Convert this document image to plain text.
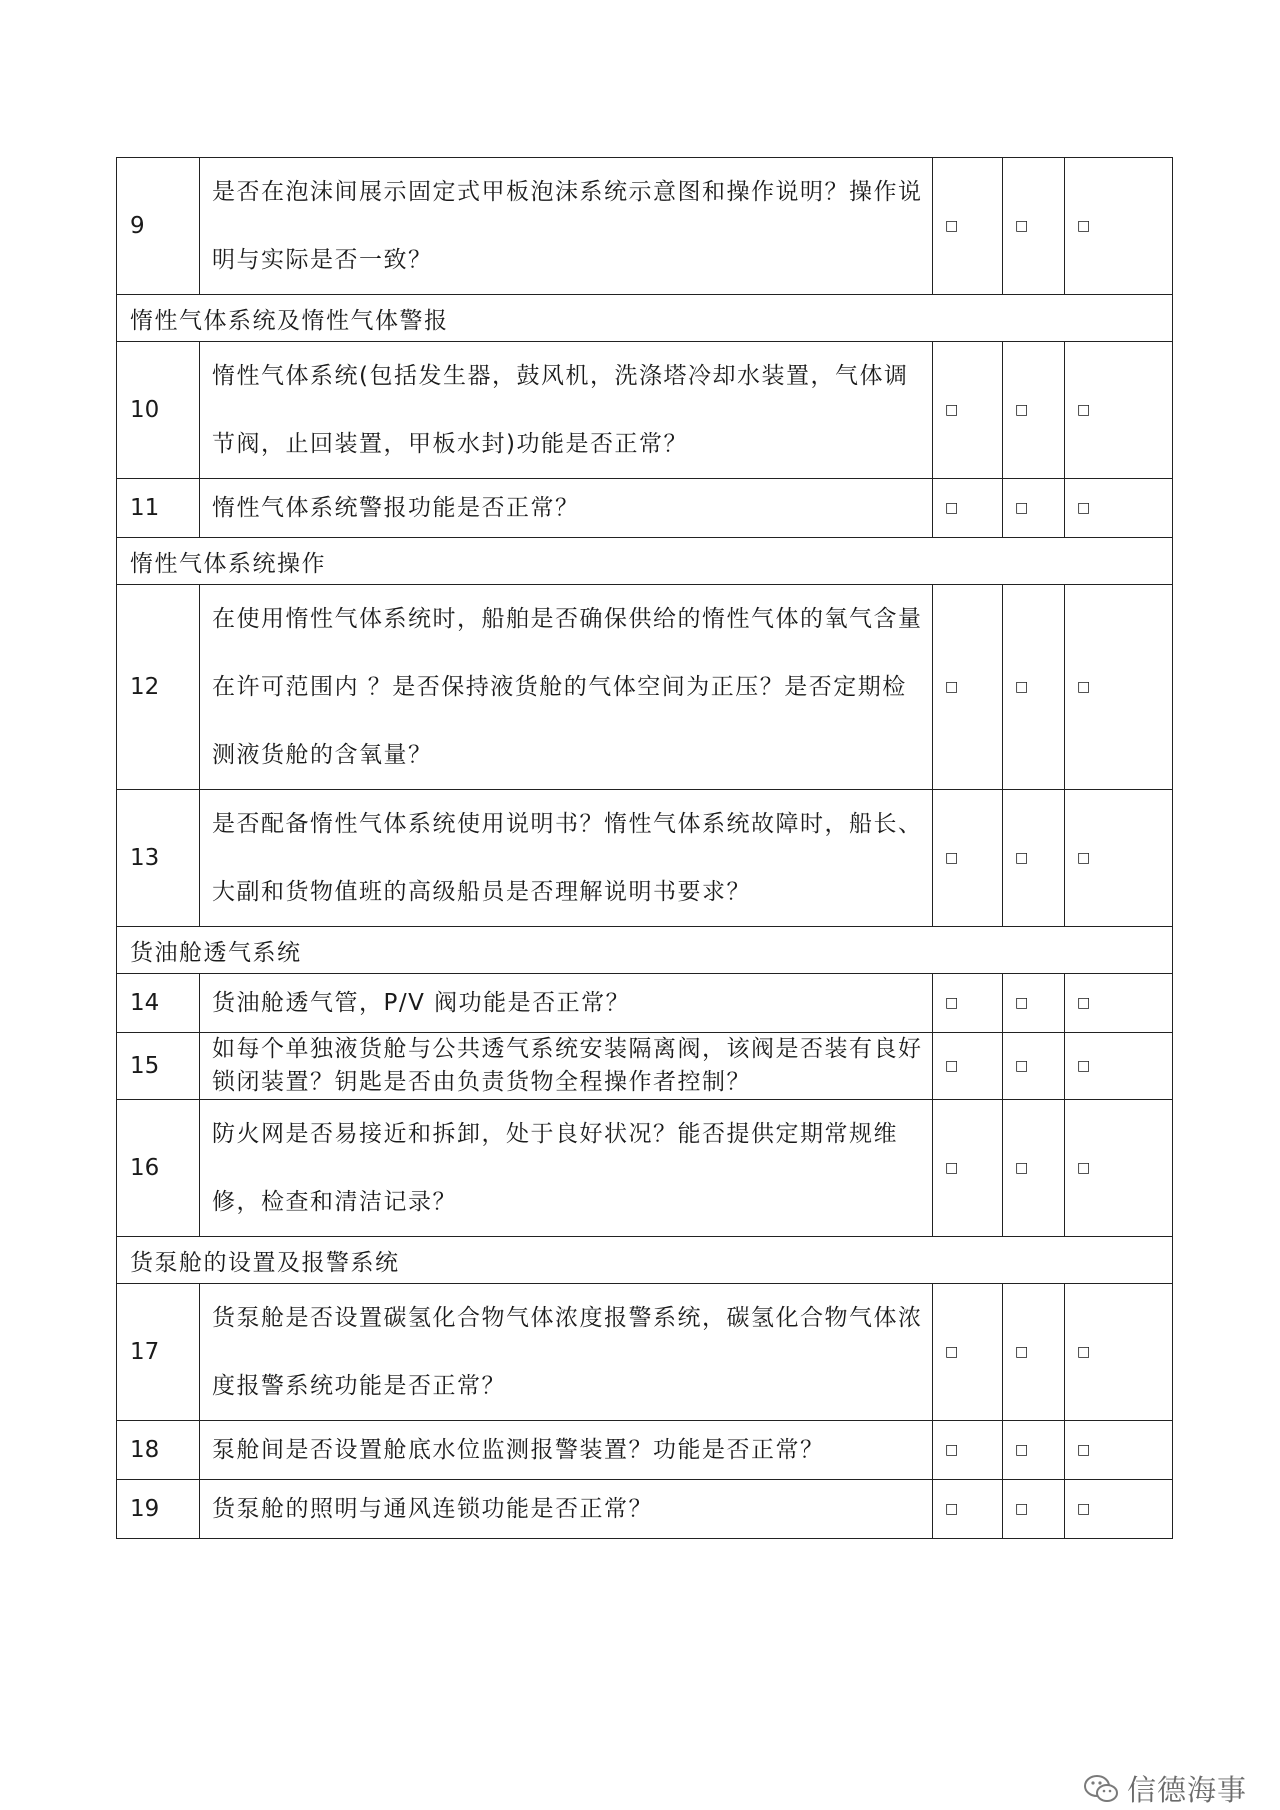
9	是否在泡沫间展示固定式甲板泡沫系统示意图和操作说明？操作说明与实际是否一致？	□	□	□
惰性气体系统及惰性气体警报				
10	惰性气体系统(包括发生器，鼓风机，洗涤塔冷却水装置，气体调节阀，止回装置，甲板水封)功能是否正常？	□	□	□
11	惰性气体系统警报功能是否正常？	□	□	□
惰性气体系统操作				
12	在使用惰性气体系统时，船舶是否确保供给的惰性气体的氧气含量在许可范围内 ？是否保持液货舱的气体空间为正压？是否定期检测液货舱的含氧量？	□	□	□
13	是否配备惰性气体系统使用说明书？惰性气体系统故障时，船长、大副和货物值班的高级船员是否理解说明书要求？	□	□	□
货油舱透气系统				
14	货油舱透气管，P/V 阀功能是否正常？	□	□	□
15	如每个单独液货舱与公共透气系统安装隔离阀，该阀是否装有良好锁闭装置？钥匙是否由负责货物全程操作者控制？	□	□	□
16	防火网是否易接近和拆卸，处于良好状况？能否提供定期常规维修，检查和清洁记录？	□	□	□
货泵舱的设置及报警系统				
17	货泵舱是否设置碳氢化合物气体浓度报警系统，碳氢化合物气体浓度报警系统功能是否正常？	□	□	□
18	泵舱间是否设置舱底水位监测报警装置？功能是否正常？	□	□	□
19	货泵舱的照明与通风连锁功能是否正常？	□	□	□
信德海事
